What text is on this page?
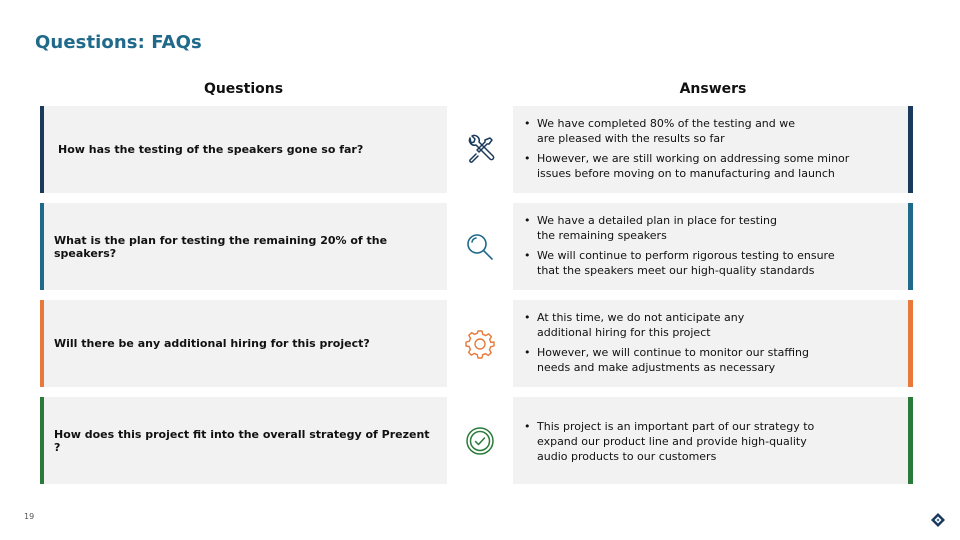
Questions: FAQs
Questions	Answers
How has the testing of the speakers gone so far?
• We have completed 80% of the testing and we
are pleased with the results so far
• However, we are still working on addressing some minor
issues before moving on to manufacturing and launch
What is the plan for testing the remaining 20% of the speakers?
• We have a detailed plan in place for testing
the remaining speakers
• We will continue to perform rigorous testing to ensure
that the speakers meet our high-quality standards
Will there be any additional hiring for this project?
• At this time, we do not anticipate any
additional hiring for this project
• However, we will continue to monitor our staffing
needs and make adjustments as necessary
How does this project fit into the overall strategy of Prezent ?
• This project is an important part of our strategy to
expand our product line and provide high-quality
audio products to our customers
19
